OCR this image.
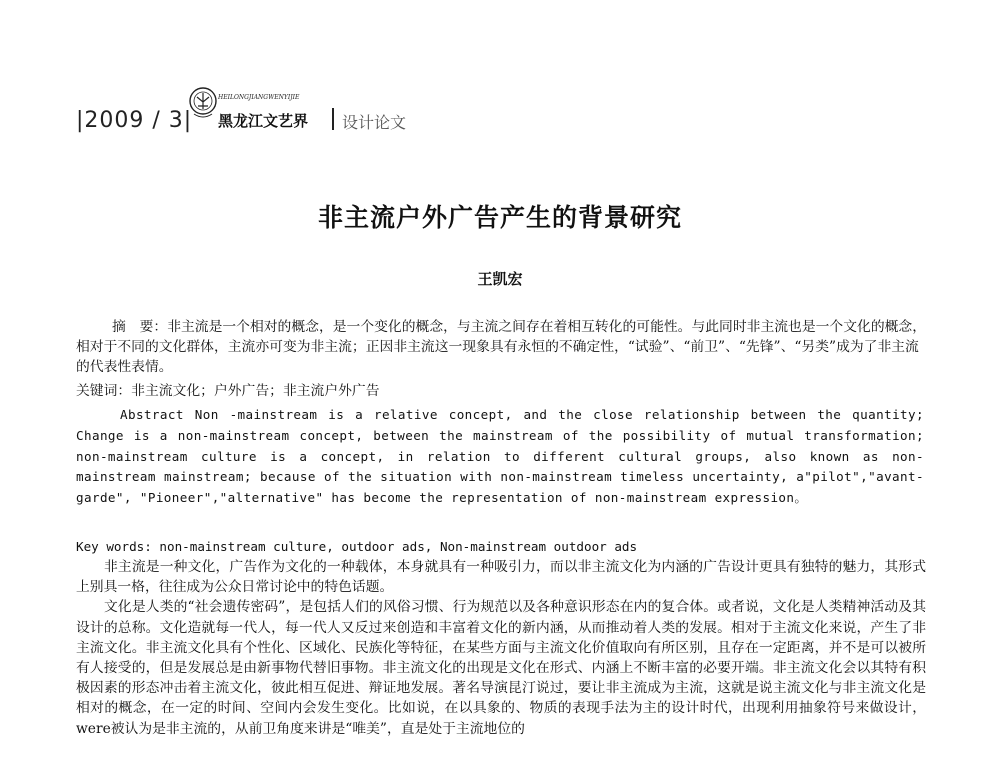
|2009 / 3|
HEILONGJIANGWENYIJIE
黑龙江文艺界 设计论文
非主流户外广告产生的背景研究
王凯宏
摘　要：非主流是一个相对的概念，是一个变化的概念，与主流之间存在着相互转化的可能性。与此同时非主流也是一个文化的概念，相对于不同的文化群体，主流亦可变为非主流；正因非主流这一现象具有永恒的不确定性，“试验”、“前卫”、“先锋”、“另类”成为了非主流的代表性表情。
关键词：非主流文化；户外广告；非主流户外广告
Abstract Non -mainstream is a relative concept, and the close relationship between the quantity; Change is a non-mainstream concept, between the mainstream of the possibility of mutual transformation; non-mainstream culture is a concept, in relation to different cultural groups, also known as non-mainstream mainstream; because of the situation with non-mainstream timeless uncertainty, a"pilot","avant-garde", "Pioneer","alternative" has become the representation of non-mainstream expression。
Key words: non-mainstream culture, outdoor ads, Non-mainstream outdoor ads

非主流是一种文化，广告作为文化的一种载体，本身就具有一种吸引力，而以非主流文化为内涵的广告设计更具有独特的魅力，其形式上别具一格，往往成为公众日常讨论中的特色话题。

文化是人类的“社会遗传密码”，是包括人们的风俗习惯、行为规范以及各种意识形态在内的复合体。或者说，文化是人类精神活动及其设计的总称。文化造就每一代人，每一代人又反过来创造和丰富着文化的新内涵，从而推动着人类的发展。相对于主流文化来说，产生了非主流文化。非主流文化具有个性化、区域化、民族化等特征，在某些方面与主流文化价值取向有所区别，且存在一定距离，并不是可以被所有人接受的，但是发展总是由新事物代替旧事物。非主流文化的出现是文化在形式、内涵上不断丰富的必要开端。非主流文化会以其特有积极因素的形态冲击着主流文化，彼此相互促进、辩证地发展。著名导演昆汀说过，要让非主流成为主流，这就是说主流文化与非主流文化是相对的概念，在一定的时间、空间内会发生变化。比如说，在以具象的、物质的表现手法为主的设计时代，出现利用抽象符号来做设计，were被认为是非主流的，从前卫角度来讲是“唯美”，直是处于主流地位的
